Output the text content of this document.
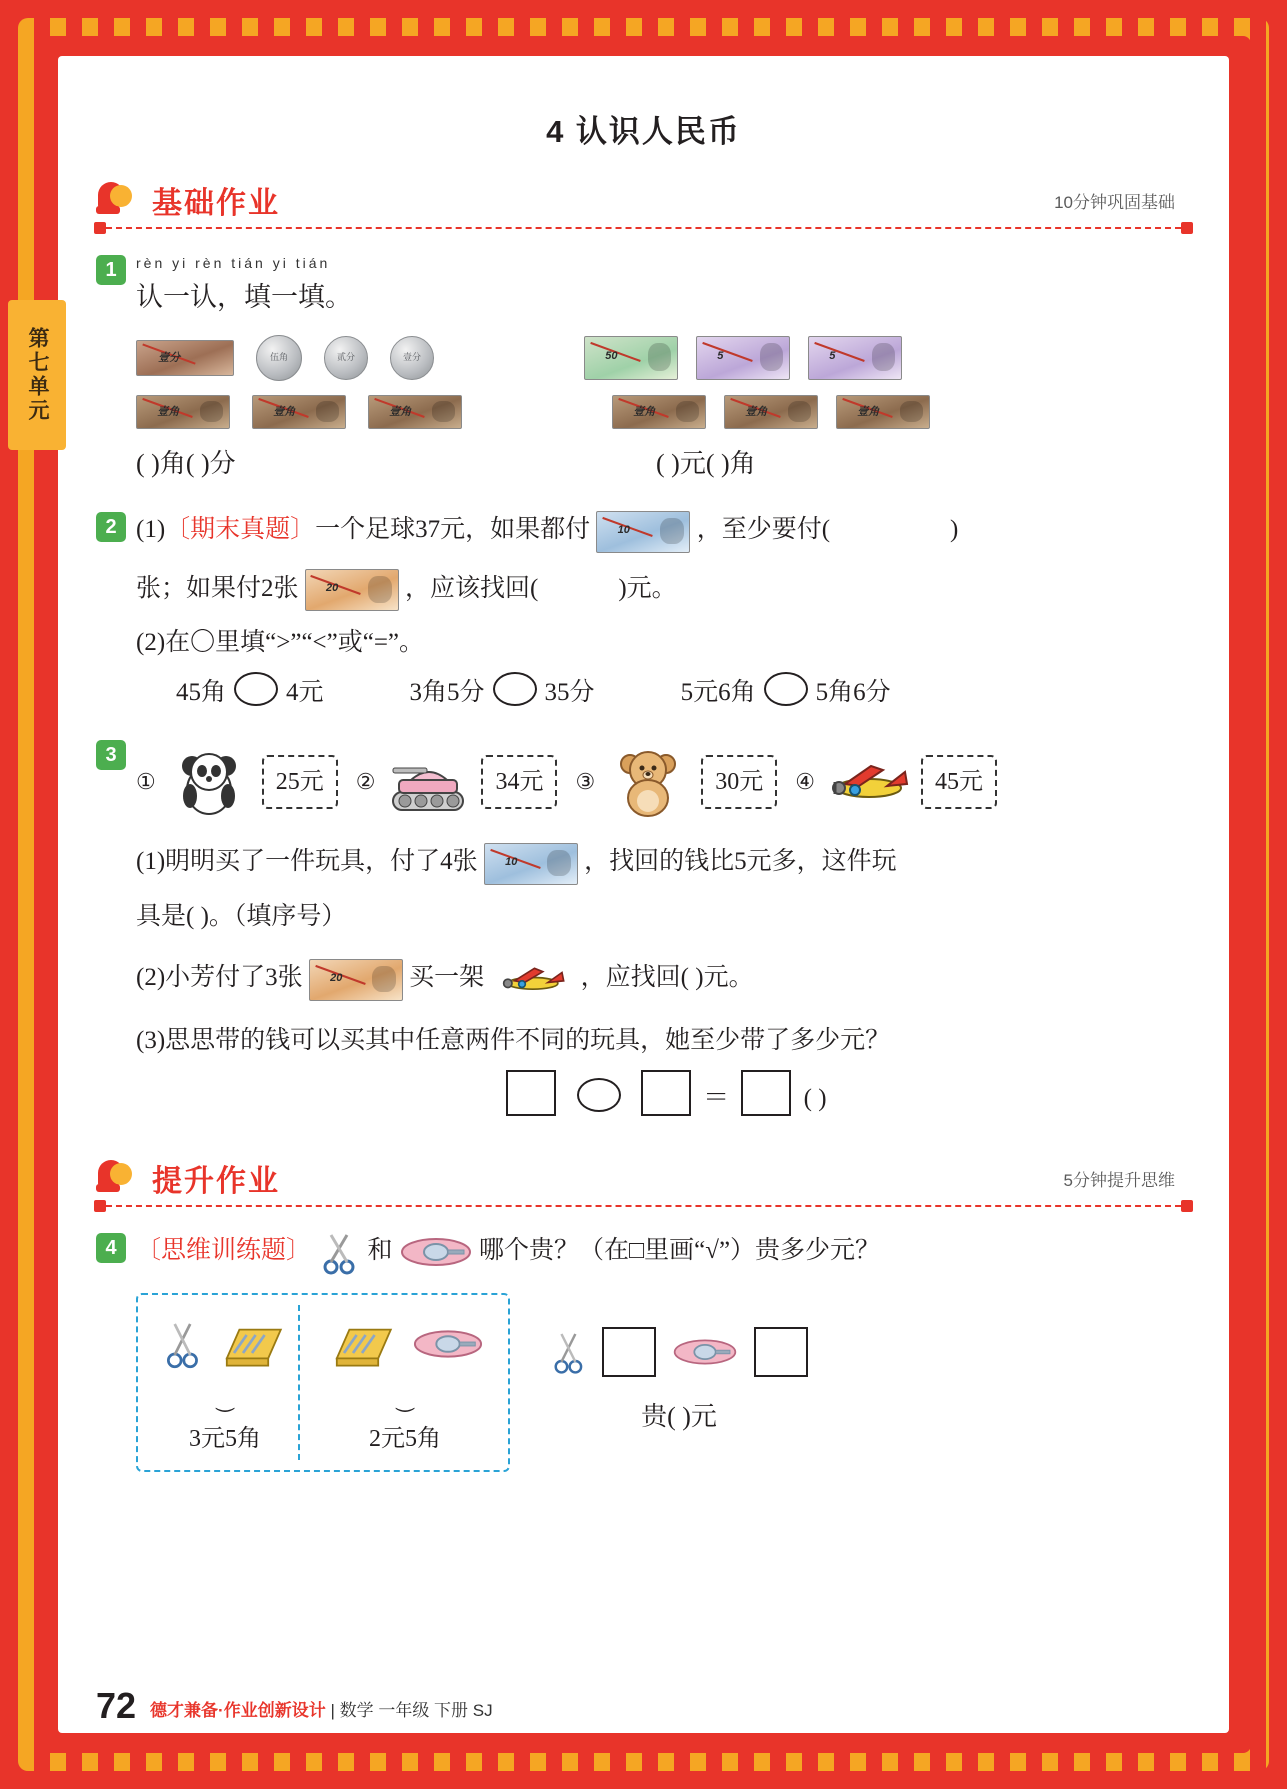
第七单元
4 认识人民币
基础作业	10分钟巩固基础
1	rèn yi rèn tián yi tián
认一认，填一填。
壹分	伍角	贰分	壹分	50	5	5
壹角	壹角	壹角	壹角	壹角	壹角
( )角( )分	( )元( )角
2 (1)〔期末真题〕一个足球37元，如果都付 10	，至少要付(	)
张；如果付2张 20	，应该找回(	)元。
(2)在〇里填“>”“<”或“=”。
45角 4元	3角5分 35分	5元6角 5角6分
3
①	25元	②	34元	③	30元	④	45元
(1)明明买了一件玩具，付了4张 10	，找回的钱比5元多，这件玩
具是( )。（填序号）
(2)小芳付了3张 20	买一架	，应找回( )元。
(3)思思带的钱可以买其中任意两件不同的玩具，她至少带了多少元？
＝	( )
提升作业	5分钟提升思维
4 〔思维训练题〕 和	哪个贵？（在□里画“√”）贵多少元？
⏝
3元5角
⏝
2元5角
贵( )元
72 德才兼备·作业创新设计 | 数学 一年级 下册 SJ
